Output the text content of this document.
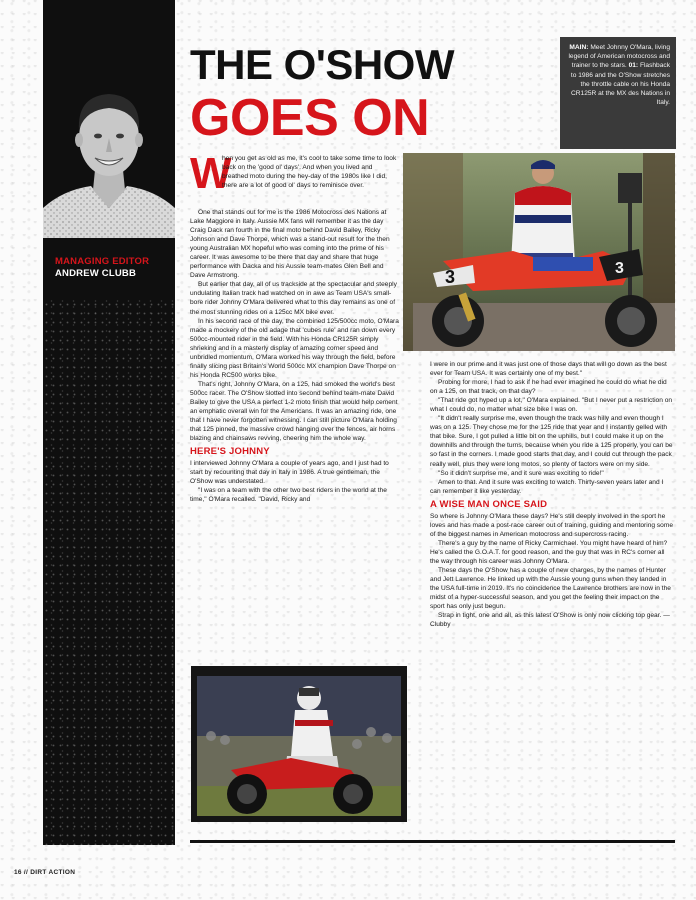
MANAGING EDITOR
ANDREW CLUBB
THE O'SHOW
GOES ON
MAIN: Meet Johnny O'Mara, living legend of American motocross and trainer to the stars. 01: Flashback to 1986 and the O'Show stretches the throttle cable on his Honda CR125R at the MX des Nations in Italy.
3	3
W

hen you get as old as me, it's cool to take some time to look back on the 'good ol' days'. And when you lived and breathed moto during the hey-day of the 1980s like I did, there are a lot of good ol' days to reminisce over.

One that stands out for me is the 1986 Motocross des Nations at Lake Maggiore in Italy. Aussie MX fans will remember it as the day Craig Dack ran fourth in the final moto behind David Bailey, Ricky Johnson and Dave Thorpe, which was a stand-out result for the then young Australian MX hopeful who was coming into the prime of his career. It was awesome to be there that day and share that huge performance with Dacka and his Aussie team-mates Glen Bell and Dave Armstrong.

But earlier that day, all of us trackside at the spectacular and steeply undulating Italian track had watched on in awe as Team USA's small-bore rider Johnny O'Mara delivered what to this day remains as one of the most stunning rides on a 125cc MX bike ever.

In his second race of the day, the combined 125/500cc moto, O'Mara made a mockery of the old adage that 'cubes rule' and ran down every 500cc-mounted rider in the field. With his Honda CR125R simply shrieking and in a masterly display of amazing corner speed and unbridled momentum, O'Mara worked his way through the field, before finally slicing past Britain's World 500cc MX champion Dave Thorpe on his Honda RC500 works bike.

That's right, Johnny O'Mara, on a 125, had smoked the world's best 500cc racer. The O'Show slotted into second behind team-mate David Bailey to give the USA a perfect 1-2 moto finish that would help cement an emphatic overall win for the Americans. It was an amazing ride, one that I have never forgotten witnessing. I can still picture O'Mara holding that 125 pinned, the massive crowd hanging over the fences, air horns blazing and chainsaws revving, cheering him the whole way.

HERE'S JOHNNY

I interviewed Johnny O'Mara a couple of years ago, and I just had to start by recounting that day in Italy in 1986. A true gentleman, the O'Show was understated.

"I was on a team with the other two best riders in the world at the time," O'Mara recalled. "David, Ricky and

I were in our prime and it was just one of those days that will go down as the best ever for Team USA. It was certainly one of my best."

Probing for more, I had to ask if he had ever imagined he could do what he did on a 125, on that track, on that day?

"That ride got hyped up a lot," O'Mara explained. "But I never put a restriction on what I could do, no matter what size bike I was on.

"It didn't really surprise me, even though the track was hilly and even though I was on a 125. They chose me for the 125 ride that year and I instantly gelled with that bike. Sure, I got pulled a little bit on the uphills, but I could make it up on the downhills and through the turns, because when you ride a 125 properly, you can be so fast in the corners. I made good starts that day, and I could cut through the pack really well, plus they were long motos, so plenty of factors were on my side.

"So it didn't surprise me, and it sure was exciting to ride!"

Amen to that. And it sure was exciting to watch. Thirty-seven years later and I can remember it like yesterday.

A WISE MAN ONCE SAID

So where is Johnny O'Mara these days? He's still deeply involved in the sport he loves and has made a post-race career out of training, guiding and mentoring some of the biggest names in American motocross and supercross racing.

There's a guy by the name of Ricky Carmichael. You might have heard of him? He's called the G.O.A.T. for good reason, and the guy that was in RC's corner all the way through his career was Johnny O'Mara.

These days the O'Show has a couple of new charges, by the names of Hunter and Jett Lawrence. He linked up with the Aussie young guns when they landed in the USA full-time in 2019. It's no coincidence the Lawrence brothers are now in the midst of a hyper-successful season, and you get the feeling their impact on the sport has only just begun.

Strap in tight, one and all, as this latest O'Show is only now clicking top gear. — Clubby

16 // DIRT ACTION
